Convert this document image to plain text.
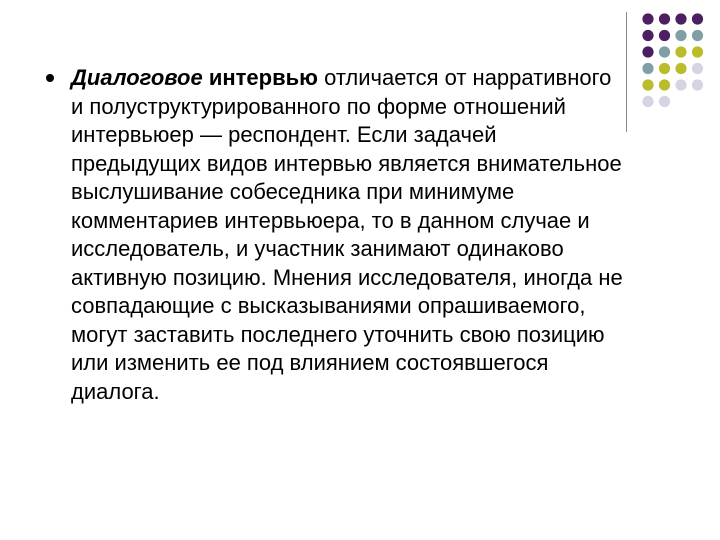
Диалоговое интервью отличается от нарративного и полуструктурированного по форме отношений интервьюер — респондент. Если задачей предыдущих видов интервью является внимательное выслушивание собеседника при минимуме комментариев интервьюера, то в данном случае и исследователь, и участник занимают одинаково активную позицию. Мнения исследователя, иногда не совпадающие с высказываниями опрашиваемого, могут заставить последнего уточнить свою позицию или изменить ее под влиянием состоявшегося диалога.
